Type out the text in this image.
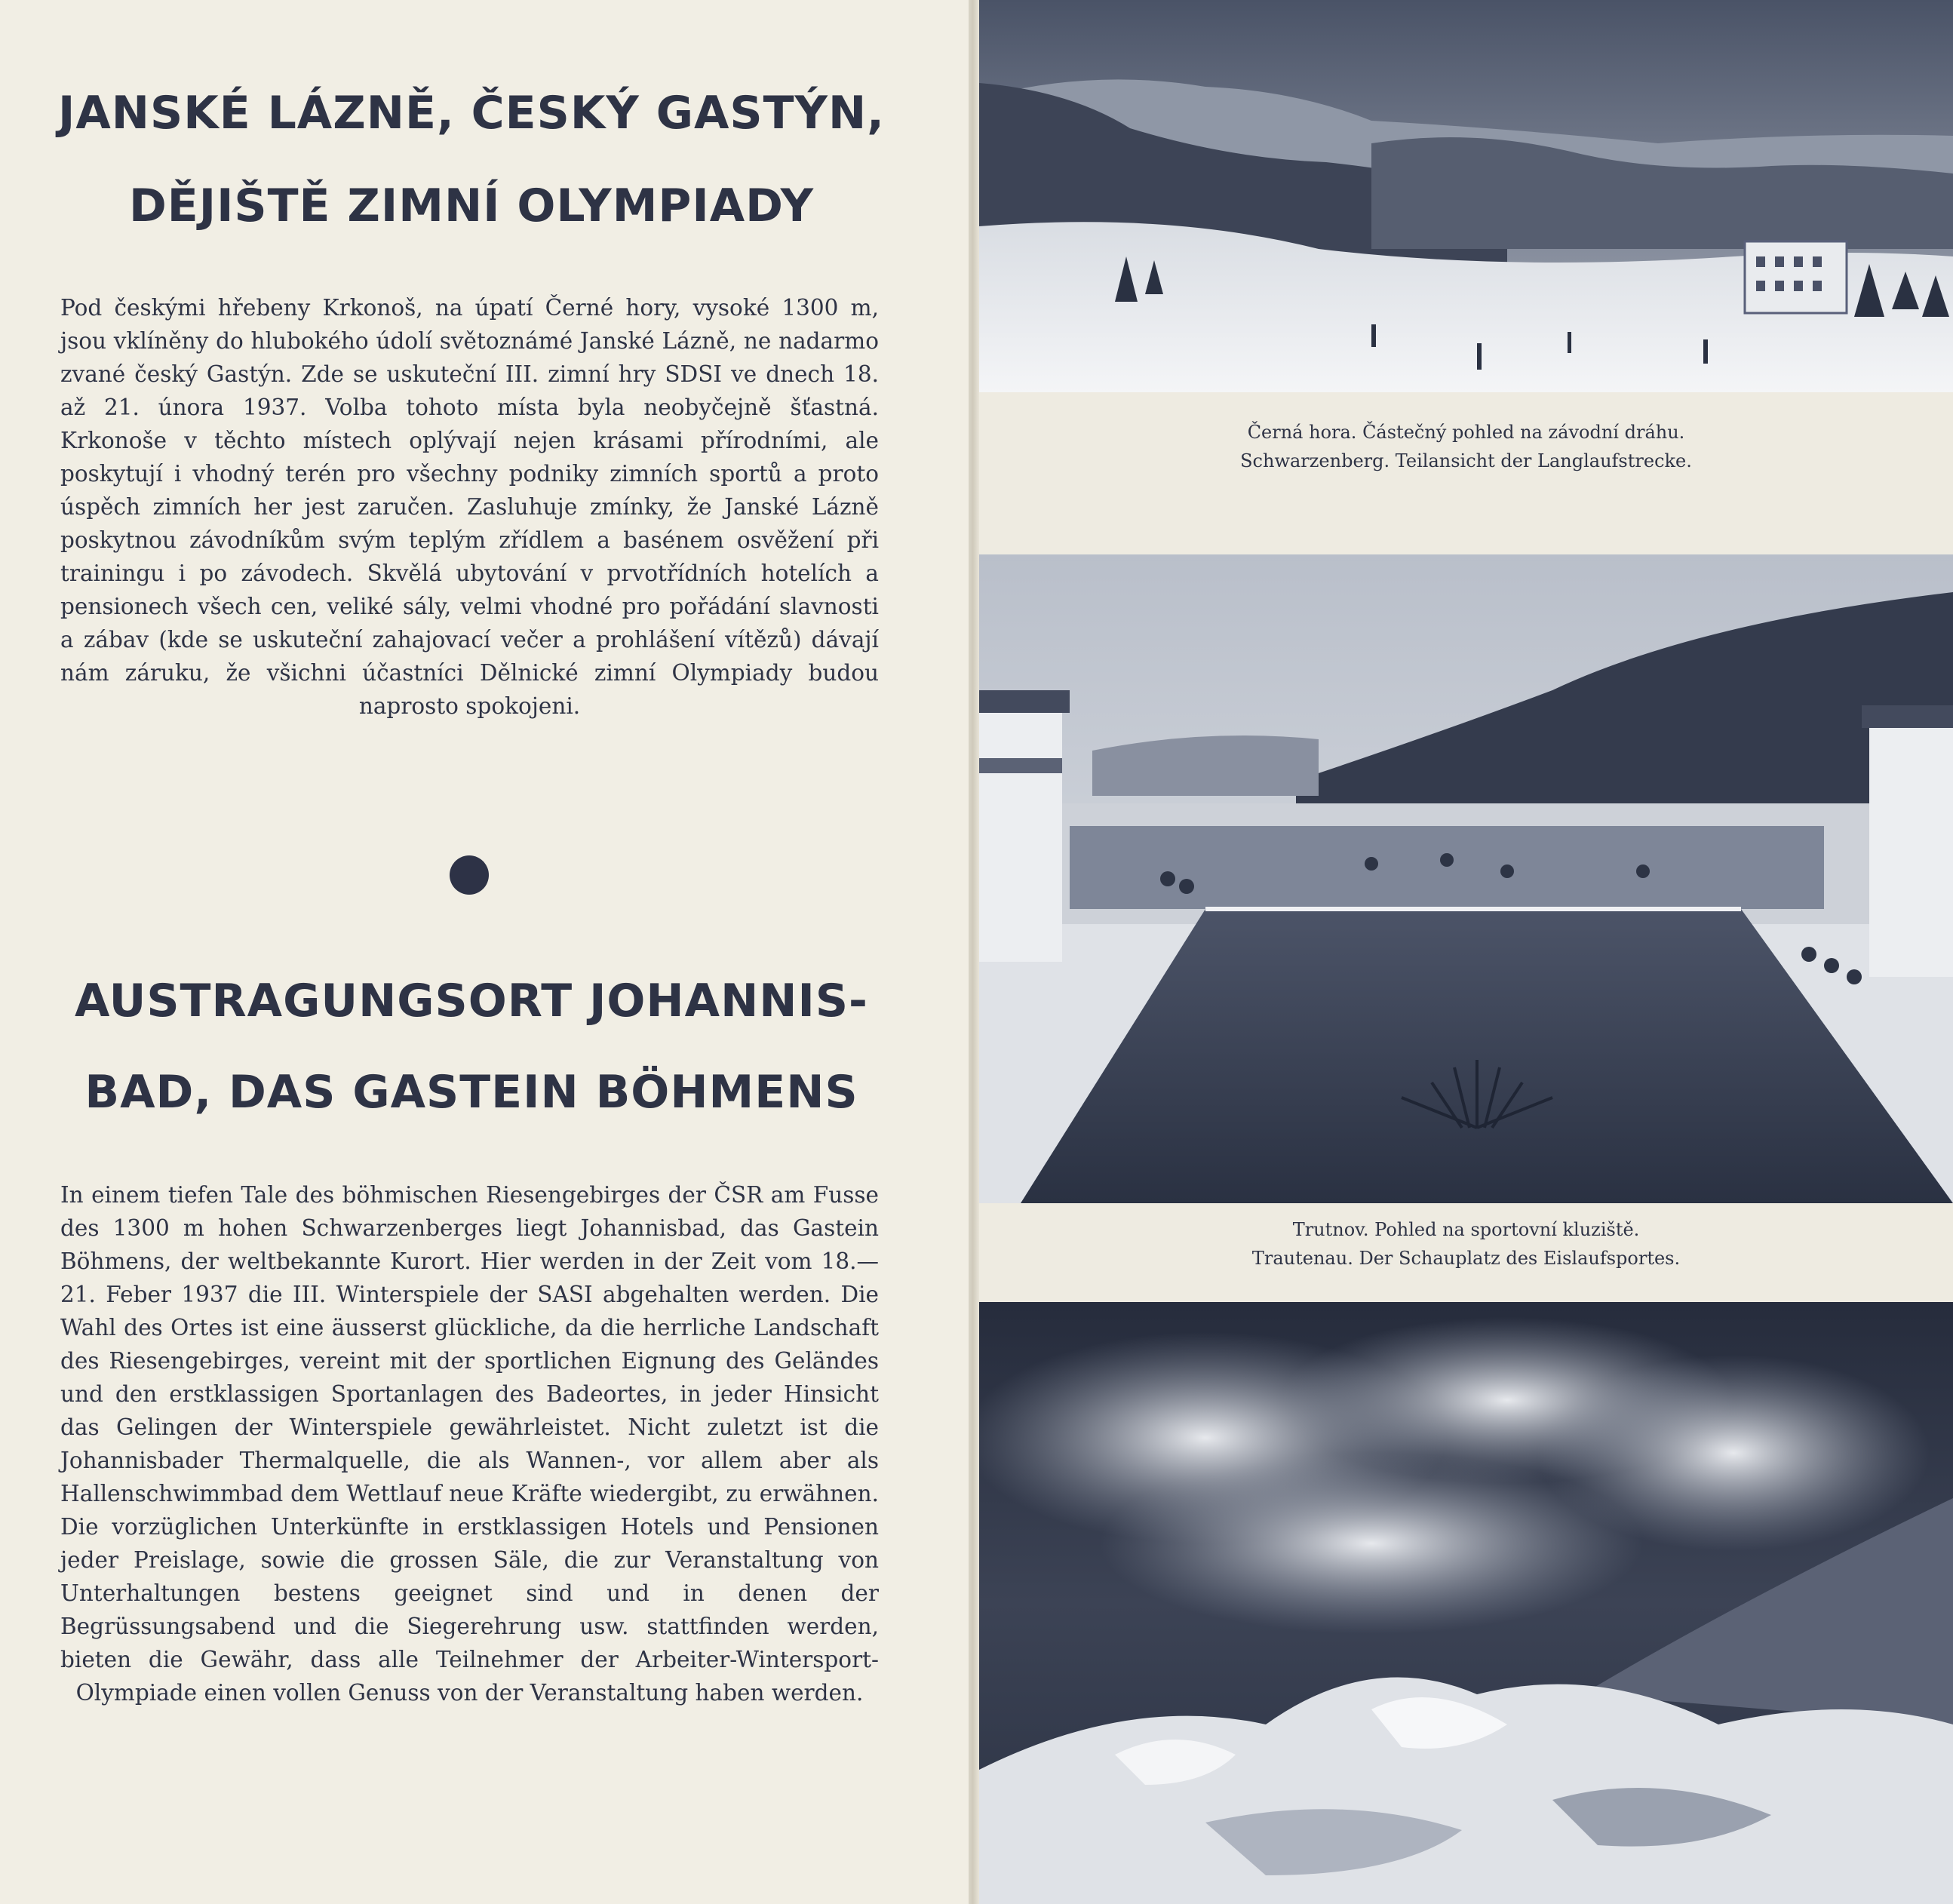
JANSKÉ LÁZNĚ, ČESKÝ GASTÝN,
DĚJIŠTĚ ZIMNÍ OLYMPIADY

Pod českými hřebeny Krkonoš, na úpatí Černé hory, vysoké 1300 m, jsou vklíněny do hlubokého údolí světoznámé Janské Lázně, ne nadarmo zvané český Gastýn. Zde se uskuteční III. zimní hry SDSI ve dnech 18. až 21. února 1937. Volba tohoto místa byla neobyčejně šťastná. Krkonoše v těchto místech oplývají nejen krásami přírodními, ale poskytují i vhodný terén pro všechny podniky zimních sportů a proto úspěch zimních her jest zaručen. Zasluhuje zmínky, že Janské Lázně poskytnou závodníkům svým teplým zřídlem a basénem osvěžení při trainingu i po závodech. Skvělá ubytování v prvotřídních hotelích a pensionech všech cen, veliké sály, velmi vhodné pro pořádání slavnosti a zábav (kde se uskuteční zahajovací večer a prohlášení vítězů) dávají nám záruku, že všichni účastníci Dělnické zimní Olympiady budou naprosto spokojeni.

AUSTRAGUNGSORT JOHANNIS-
BAD, DAS GASTEIN BÖHMENS

In einem tiefen Tale des böhmischen Riesengebirges der ČSR am Fusse des 1300 m hohen Schwarzenberges liegt Johannisbad, das Gastein Böhmens, der weltbekannte Kurort. Hier werden in der Zeit vom 18.—21. Feber 1937 die III. Winterspiele der SASI abgehalten werden. Die Wahl des Ortes ist eine äusserst glückliche, da die herrliche Landschaft des Riesengebirges, vereint mit der sportlichen Eignung des Geländes und den erstklassigen Sportanlagen des Badeortes, in jeder Hinsicht das Gelingen der Winterspiele gewährleistet. Nicht zuletzt ist die Johannisbader Thermalquelle, die als Wannen-, vor allem aber als Hallenschwimmbad dem Wettlauf neue Kräfte wiedergibt, zu erwähnen. Die vorzüglichen Unterkünfte in erstklassigen Hotels und Pensionen jeder Preislage, sowie die grossen Säle, die zur Veranstaltung von Unterhaltungen bestens geeignet sind und in denen der Begrüssungsabend und die Siegerehrung usw. stattfinden werden, bieten die Gewähr, dass alle Teilnehmer der Arbeiter-Wintersport-Olympiade einen vollen Genuss von der Veranstaltung haben werden.

Černá hora. Částečný pohled na závodní dráhu.
Schwarzenberg. Teilansicht der Langlaufstrecke.
Trutnov. Pohled na sportovní kluziště.
Trautenau. Der Schauplatz des Eislaufsportes.
